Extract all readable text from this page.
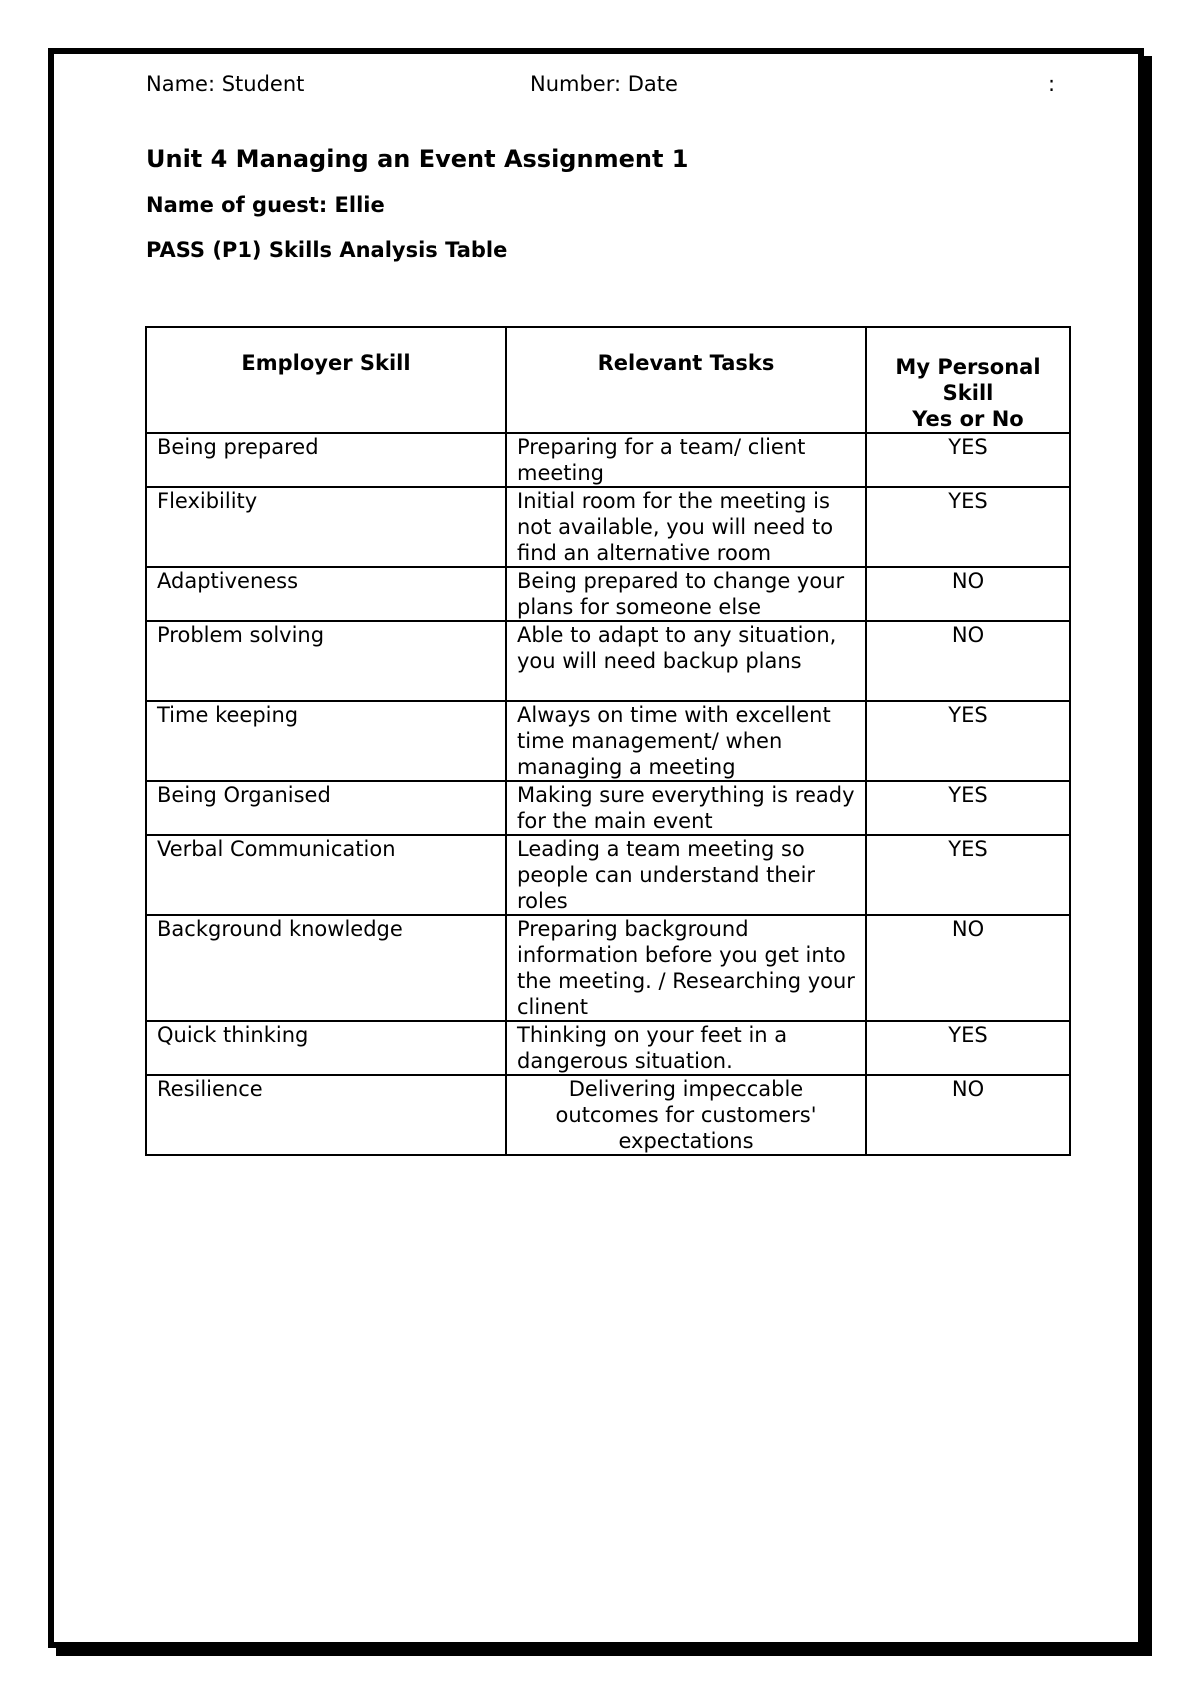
Name: Student	Number: Date	:
Unit 4 Managing an Event Assignment 1
Name of guest: Ellie
PASS (P1) Skills Analysis Table
Employer Skill	Relevant Tasks	My Personal
Skill
Yes or No
Being prepared	Preparing for a team/ client meeting	YES
Flexibility	Initial room for the meeting is not available, you will need to find an alternative room	YES
Adaptiveness	Being prepared to change your plans for someone else	NO
Problem solving	Able to adapt to any situation, you will need backup plans	NO
Time keeping	Always on time with excellent time management/ when managing a meeting	YES
Being Organised	Making sure everything is ready for the main event	YES
Verbal Communication	Leading a team meeting so people can understand their roles	YES
Background knowledge	Preparing background information before you get into the meeting. / Researching your clinent	NO
Quick thinking	Thinking on your feet in a dangerous situation.	YES
Resilience	Delivering impeccable outcomes for customers' expectations	NO
